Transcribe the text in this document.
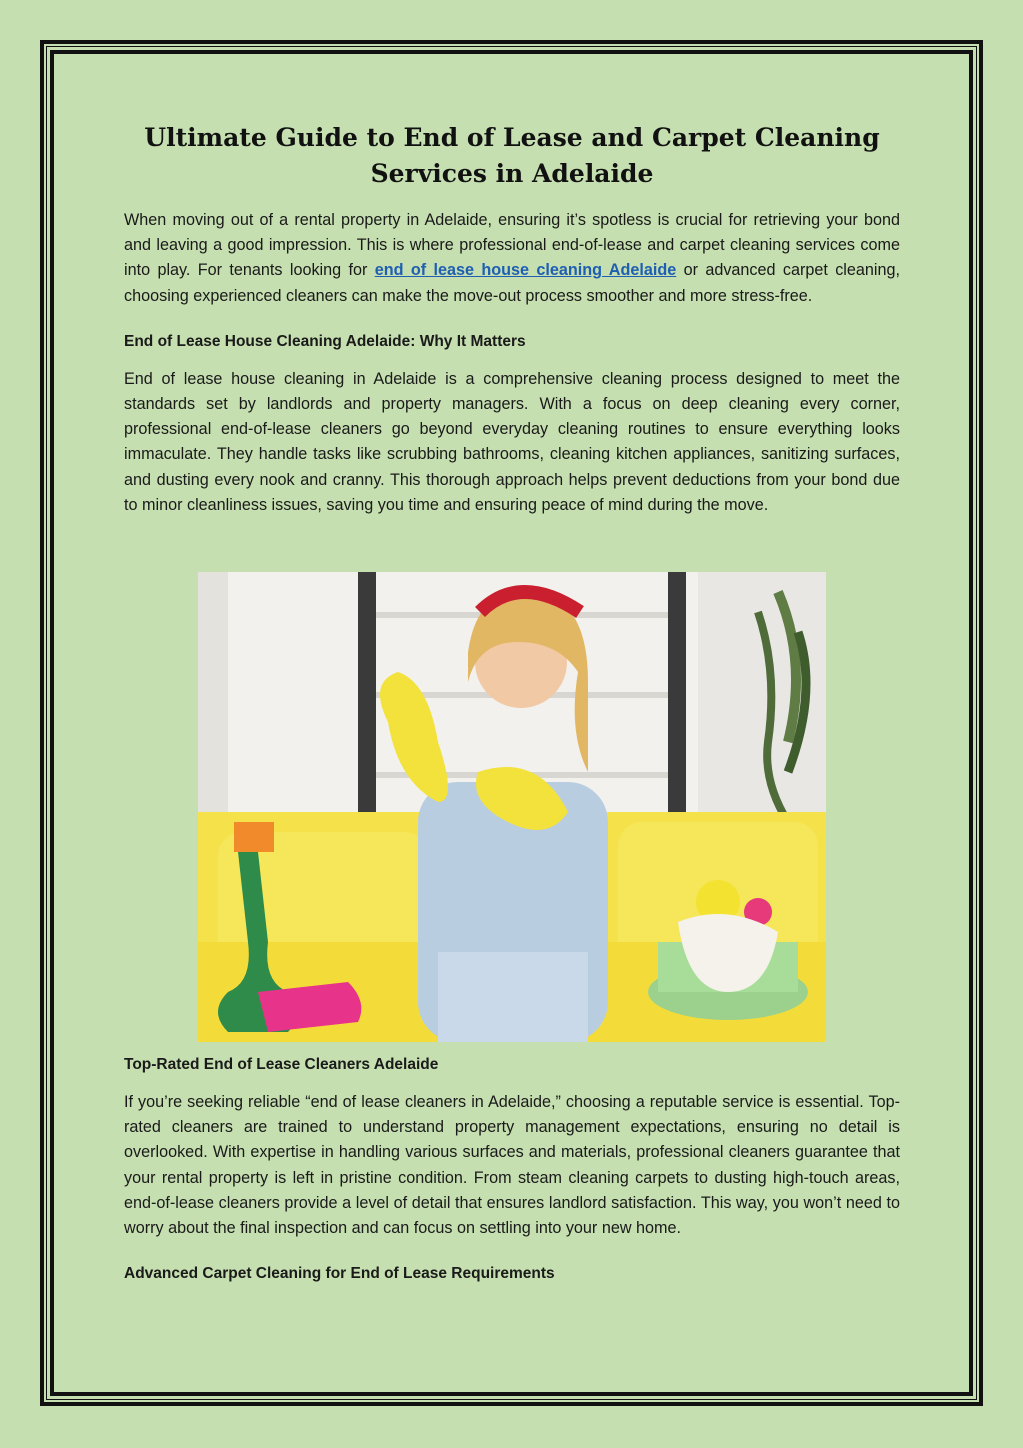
Ultimate Guide to End of Lease and Carpet Cleaning Services in Adelaide

When moving out of a rental property in Adelaide, ensuring it’s spotless is crucial for retrieving your bond and leaving a good impression. This is where professional end-of-lease and carpet cleaning services come into play. For tenants looking for end of lease house cleaning Adelaide or advanced carpet cleaning, choosing experienced cleaners can make the move-out process smoother and more stress-free.

End of Lease House Cleaning Adelaide: Why It Matters

End of lease house cleaning in Adelaide is a comprehensive cleaning process designed to meet the standards set by landlords and property managers. With a focus on deep cleaning every corner, professional end-of-lease cleaners go beyond everyday cleaning routines to ensure everything looks immaculate. They handle tasks like scrubbing bathrooms, cleaning kitchen appliances, sanitizing surfaces, and dusting every nook and cranny. This thorough approach helps prevent deductions from your bond due to minor cleanliness issues, saving you time and ensuring peace of mind during the move.

Top-Rated End of Lease Cleaners Adelaide

If you’re seeking reliable “end of lease cleaners in Adelaide,” choosing a reputable service is essential. Top-rated cleaners are trained to understand property management expectations, ensuring no detail is overlooked. With expertise in handling various surfaces and materials, professional cleaners guarantee that your rental property is left in pristine condition. From steam cleaning carpets to dusting high-touch areas, end-of-lease cleaners provide a level of detail that ensures landlord satisfaction. This way, you won’t need to worry about the final inspection and can focus on settling into your new home.

Advanced Carpet Cleaning for End of Lease Requirements
